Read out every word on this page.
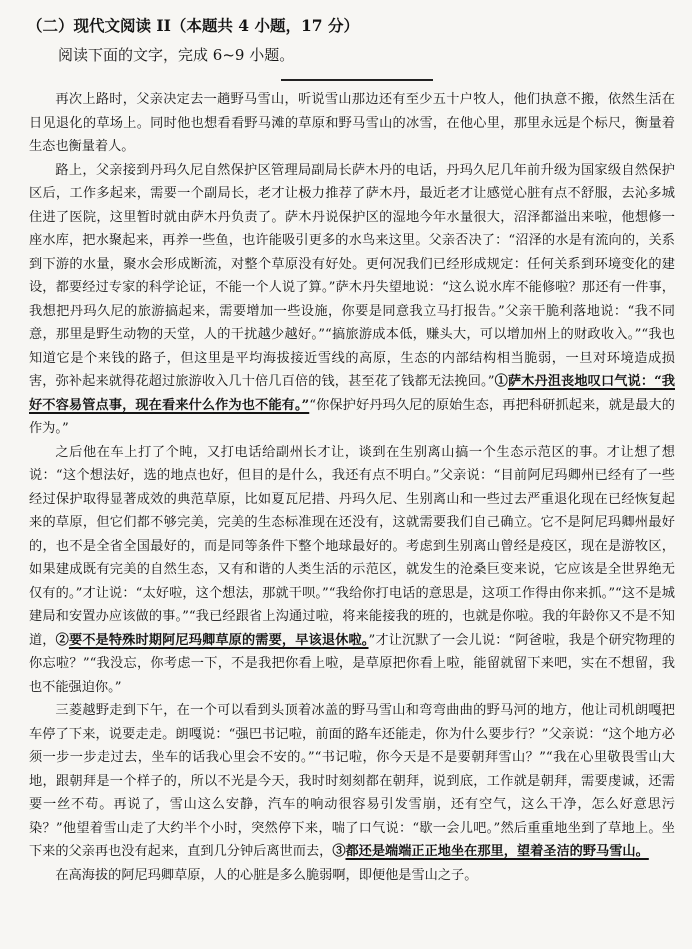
（二）现代文阅读 II（本题共 4 小题，17 分）
阅读下面的文字，完成 6~9 小题。

再次上路时，父亲决定去一趟野马雪山，听说雪山那边还有至少五十户牧人，他们执意不搬，依然生活在日见退化的草场上。同时他也想看看野马滩的草原和野马雪山的冰雪，在他心里，那里永远是个标尺，衡量着生态也衡量着人。

路上，父亲接到丹玛久尼自然保护区管理局副局长萨木丹的电话，丹玛久尼几年前升级为国家级自然保护区后，工作多起来，需要一个副局长，老才让极力推荐了萨木丹，最近老才让感觉心脏有点不舒服，去沁多城住进了医院，这里暂时就由萨木丹负责了。萨木丹说保护区的湿地今年水量很大，沼泽都溢出来啦，他想修一座水库，把水聚起来，再养一些鱼，也许能吸引更多的水鸟来这里。父亲否决了：“沼泽的水是有流向的，关系到下游的水量，聚水会形成断流，对整个草原没有好处。更何况我们已经形成规定：任何关系到环境变化的建设，都要经过专家的科学论证，不能一个人说了算。”萨木丹失望地说：“这么说水库不能修啦？那还有一件事，我想把丹玛久尼的旅游搞起来，需要增加一些设施，你要是同意我立马打报告。”父亲干脆利落地说：“我不同意，那里是野生动物的天堂，人的干扰越少越好。”“搞旅游成本低，赚头大，可以增加州上的财政收入。”“我也知道它是个来钱的路子，但这里是平均海拔接近雪线的高原，生态的内部结构相当脆弱，一旦对环境造成损害，弥补起来就得花超过旅游收入几十倍几百倍的钱，甚至花了钱都无法挽回。”①萨木丹沮丧地叹口气说：“我好不容易管点事，现在看来什么作为也不能有。”“你保护好丹玛久尼的原始生态，再把科研抓起来，就是最大的作为。”

之后他在车上打了个盹，又打电话给副州长才让，谈到在生别离山搞一个生态示范区的事。才让想了想说：“这个想法好，选的地点也好，但目的是什么，我还有点不明白。”父亲说：“目前阿尼玛卿州已经有了一些经过保护取得显著成效的典范草原，比如夏瓦尼措、丹玛久尼、生别离山和一些过去严重退化现在已经恢复起来的草原，但它们都不够完美，完美的生态标准现在还没有，这就需要我们自己确立。它不是阿尼玛卿州最好的，也不是全省全国最好的，而是同等条件下整个地球最好的。考虑到生别离山曾经是疫区，现在是游牧区，如果建成既有完美的自然生态，又有和谐的人类生活的示范区，就发生的沧桑巨变来说，它应该是全世界绝无仅有的。”才让说：“太好啦，这个想法，那就干呗。”“我给你打电话的意思是，这项工作得由你来抓。”“这不是城建局和安置办应该做的事。”“我已经跟省上沟通过啦，将来能接我的班的，也就是你啦。我的年龄你又不是不知道，②要不是特殊时期阿尼玛卿草原的需要，早该退休啦。”才让沉默了一会儿说：“阿爸啦，我是个研究物理的你忘啦？”“我没忘，你考虑一下，不是我把你看上啦，是草原把你看上啦，能留就留下来吧，实在不想留，我也不能强迫你。”

三菱越野走到下午，在一个可以看到头顶着冰盖的野马雪山和弯弯曲曲的野马河的地方，他让司机朗嘎把车停了下来，说要走走。朗嘎说：“强巴书记啦，前面的路车还能走，你为什么要步行？”父亲说：“这个地方必须一步一步走过去，坐车的话我心里会不安的。”“书记啦，你今天是不是要朝拜雪山？”“我在心里敬畏雪山大地，跟朝拜是一个样子的，所以不光是今天，我时时刻刻都在朝拜，说到底，工作就是朝拜，需要虔诚，还需要一丝不苟。再说了，雪山这么安静，汽车的响动很容易引发雪崩，还有空气，这么干净，怎么好意思污染？”他望着雪山走了大约半个小时，突然停下来，喘了口气说：“歇一会儿吧。”然后重重地坐到了草地上。坐下来的父亲再也没有起来，直到几分钟后离世而去，③都还是端端正正地坐在那里，望着圣洁的野马雪山。

在高海拔的阿尼玛卿草原，人的心脏是多么脆弱啊，即便他是雪山之子。
